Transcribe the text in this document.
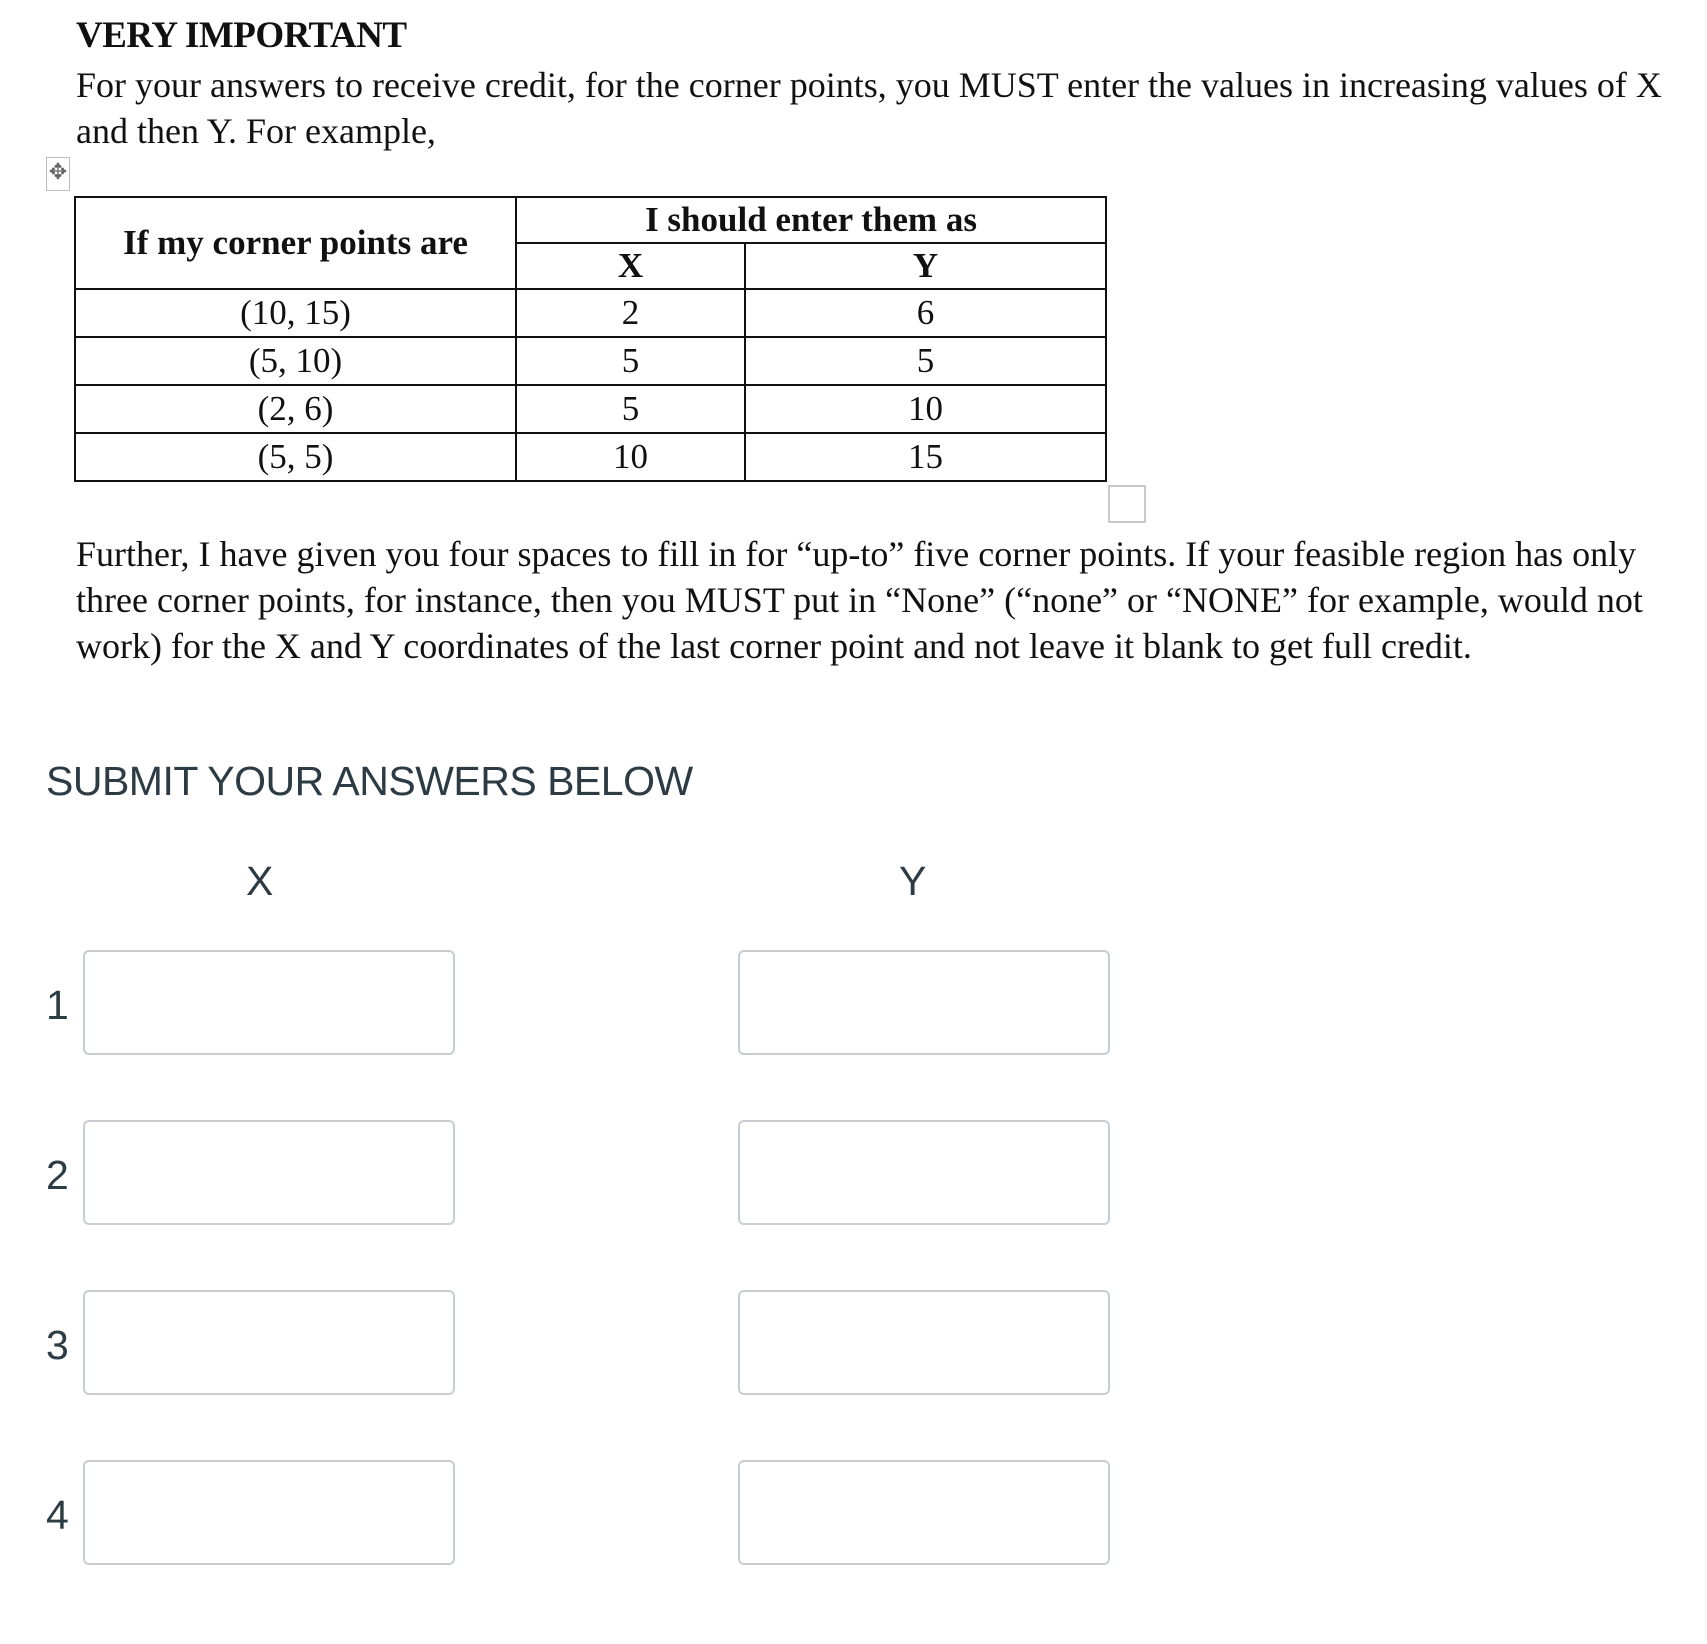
VERY IMPORTANT
For your answers to receive credit, for the corner points, you MUST enter the values in increasing values of X and then Y. For example,
✥
If my corner points are	I should enter them as	
	X	Y
(10, 15)	2	6
(5, 10)	5	5
(2, 6)	5	10
(5, 5)	10	15
Further, I have given you four spaces to fill in for “up-to” five corner points. If your feasible region has only three corner points, for instance, then you MUST put in “None” (“none” or “NONE” for example, would not work) for the X and Y coordinates of the last corner point and not leave it blank to get full credit.
SUBMIT YOUR ANSWERS BELOW
X	Y
1
2
3
4
